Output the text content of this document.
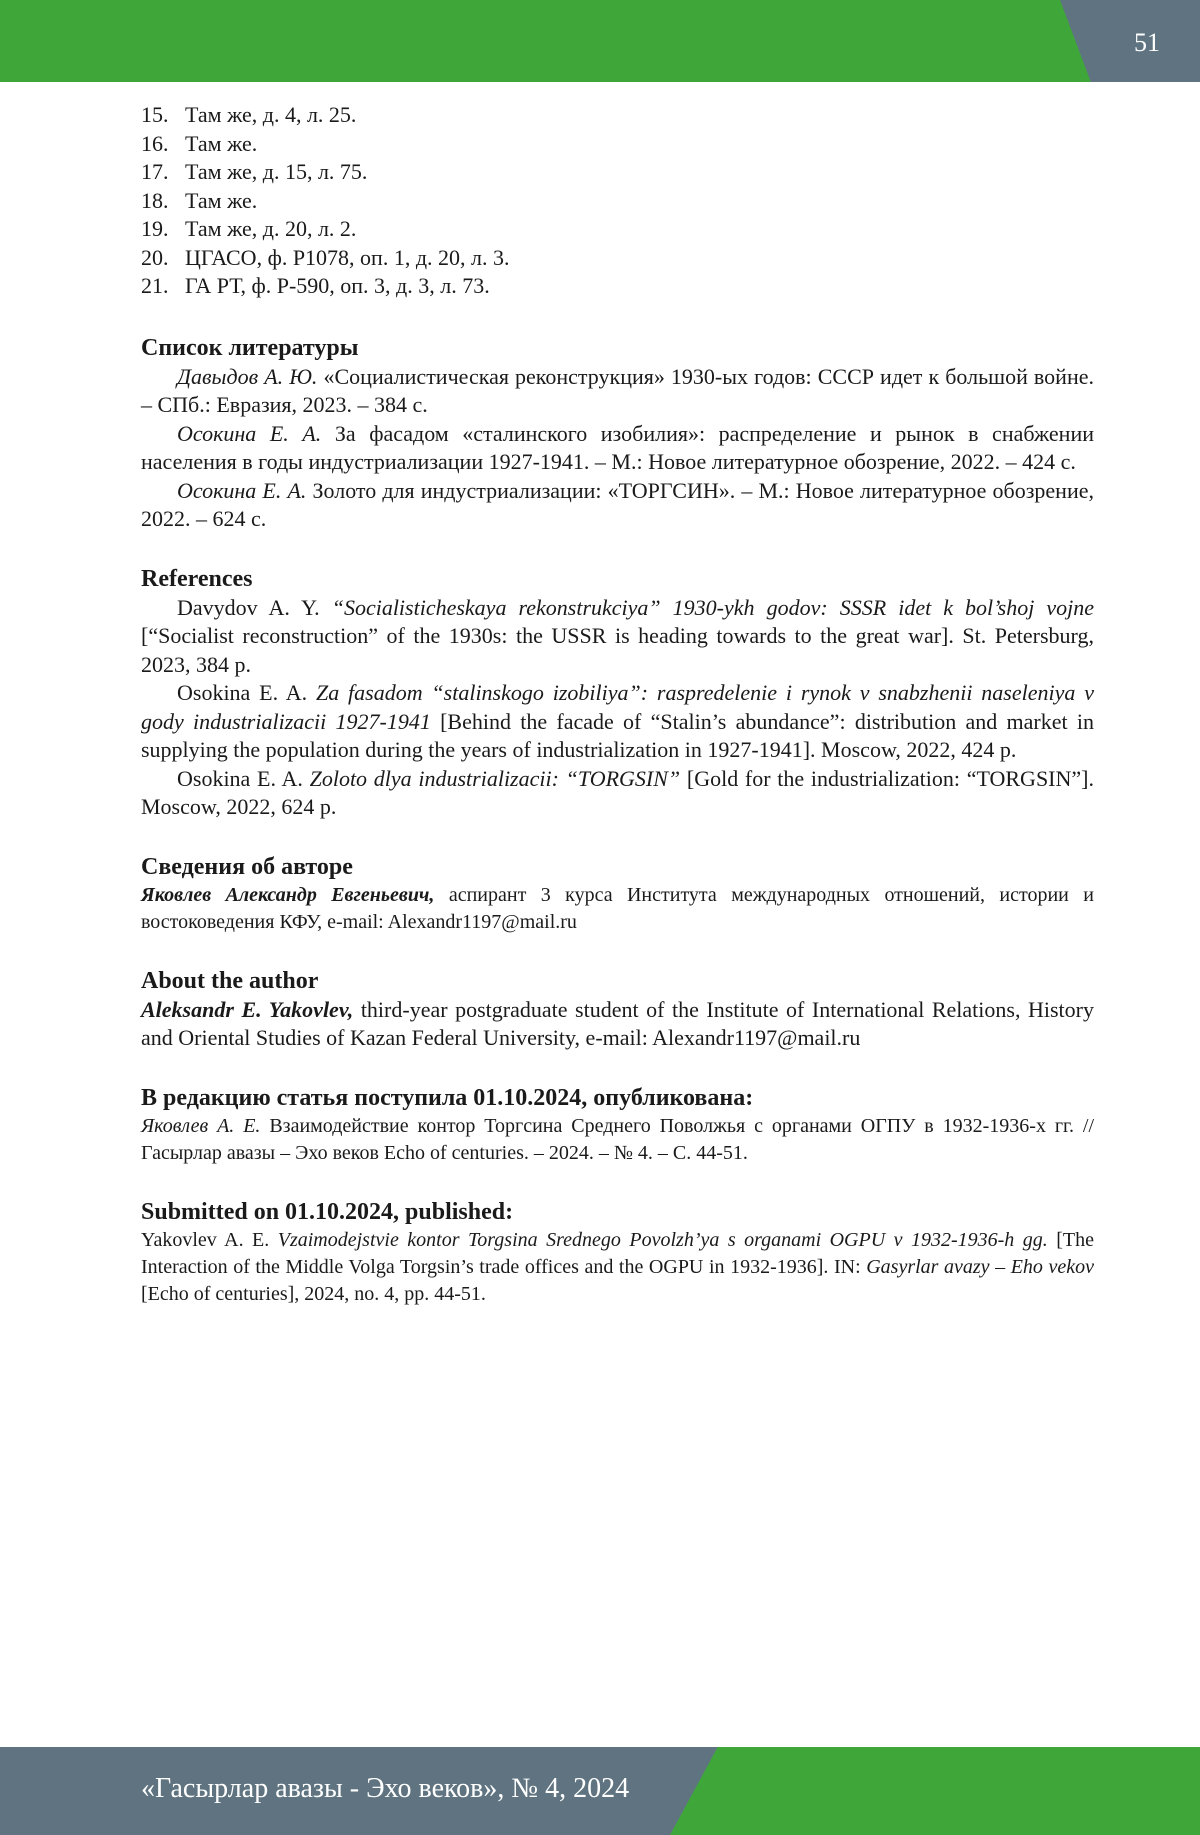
51
15. Там же, д. 4, л. 25.
16. Там же.
17. Там же, д. 15, л. 75.
18. Там же.
19. Там же, д. 20, л. 2.
20. ЦГАСО, ф. Р1078, оп. 1, д. 20, л. 3.
21. ГА РТ, ф. Р-590, оп. 3, д. 3, л. 73.
Список литературы

Давыдов А. Ю. «Социалистическая реконструкция» 1930-ых годов: СССР идет к большой войне. – СПб.: Евразия, 2023. – 384 с.

Осокина Е. А. За фасадом «сталинского изобилия»: распределение и рынок в снабжении населения в годы индустриализации 1927-1941. – М.: Новое литературное обозрение, 2022. – 424 с.

Осокина Е. А. Золото для индустриализации: «ТОРГСИН». – М.: Новое литературное обозрение, 2022. – 624 с.

References

Davydov A. Y. “Socialisticheskaya rekonstrukciya” 1930-ykh godov: SSSR idet k bol’shoj vojne [“Socialist reconstruction” of the 1930s: the USSR is heading towards to the great war]. St. Petersburg, 2023, 384 p.

Osokina E. A. Za fasadom “stalinskogo izobiliya”: raspredelenie i rynok v snabzhenii naseleniya v gody industrializacii 1927-1941 [Behind the facade of “Stalin’s abundance”: distribution and market in supplying the population during the years of industrialization in 1927-1941]. Moscow, 2022, 424 p.

Osokina E. A. Zoloto dlya industrializacii: “TORGSIN” [Gold for the industrialization: “TORGSIN”]. Moscow, 2022, 624 p.

Сведения об авторе

Яковлев Александр Евгеньевич, аспирант 3 курса Института международных отношений, истории и востоковедения КФУ, e-mail: Alexandr1197@mail.ru

About the author

Aleksandr E. Yakovlev, third-year postgraduate student of the Institute of International Relations, History and Oriental Studies of Kazan Federal University, e-mail: Alexandr1197@mail.ru

В редакцию статья поступила 01.10.2024, опубликована:

Яковлев А. Е. Взаимодействие контор Торгсина Среднего Поволжья с органами ОГПУ в 1932-1936-х гг. // Гасырлар авазы – Эхо веков Echo of centuries. – 2024. – № 4. – С. 44-51.

Submitted on 01.10.2024, published:

Yakovlev A. E. Vzaimodejstvie kontor Torgsina Srednego Povolzh’ya s organami OGPU v 1932-1936-h gg. [The Interaction of the Middle Volga Torgsin’s trade offices and the OGPU in 1932-1936]. IN: Gasyrlar avazy – Eho vekov [Echo of centuries], 2024, no. 4, pp. 44-51.

«Гасырлар авазы - Эхо веков», № 4, 2024
